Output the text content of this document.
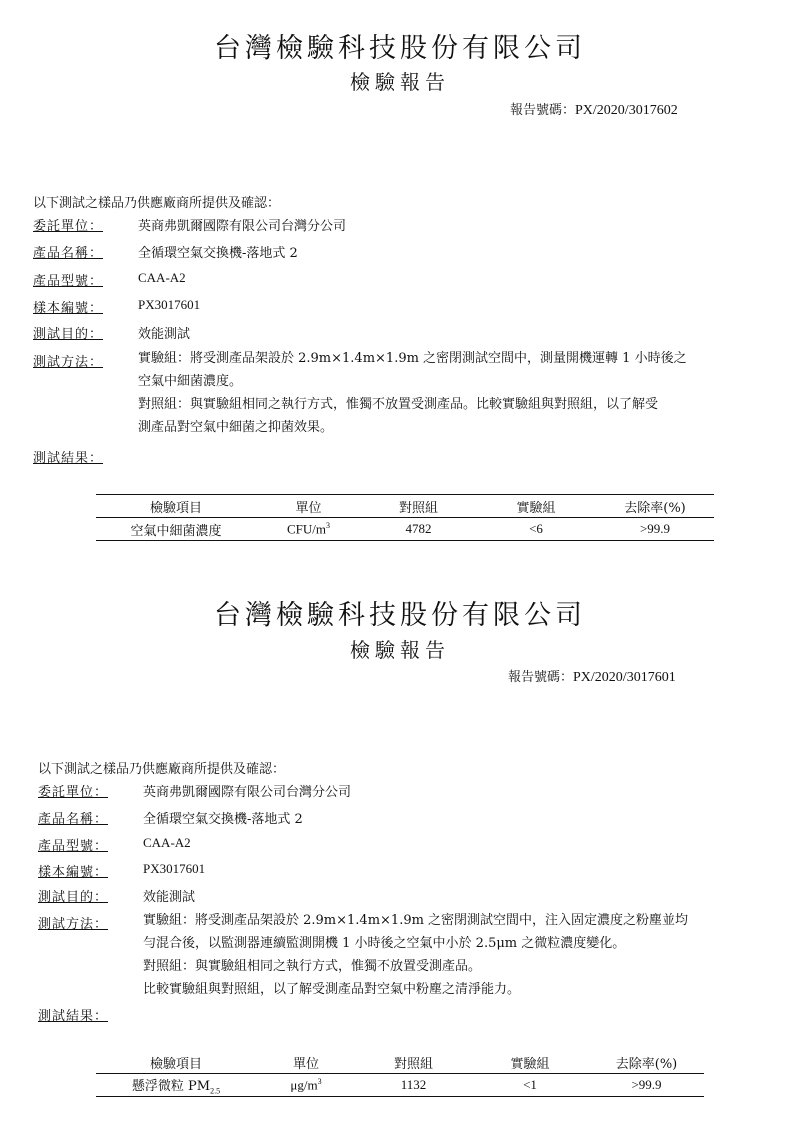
台灣檢驗科技股份有限公司
檢驗報告
報告號碼：PX/2020/3017602
以下測試之樣品乃供應廠商所提供及確認：
委託單位：	英商弗凱爾國際有限公司台灣分公司
產品名稱：	全循環空氣交換機-落地式 2
產品型號：	CAA-A2
樣本編號：	PX3017601
測試目的：	效能測試
測試方法：	實驗組：將受測產品架設於 2.9m×1.4m×1.9m 之密閉測試空間中，測量開機運轉 1 小時後之
空氣中細菌濃度。
對照組：與實驗組相同之執行方式，惟獨不放置受測產品。比較實驗組與對照組，以了解受
測產品對空氣中細菌之抑菌效果。
測試結果：
檢驗項目	單位	對照組	實驗組	去除率(%)
空氣中細菌濃度	CFU/$m^3$	4782	<6	>99.9
台灣檢驗科技股份有限公司
檢驗報告
報告號碼：PX/2020/3017601
以下測試之樣品乃供應廠商所提供及確認：
委託單位：	英商弗凱爾國際有限公司台灣分公司
產品名稱：	全循環空氣交換機-落地式 2
產品型號：	CAA-A2
樣本編號：	PX3017601
測試目的：	效能測試
測試方法：	實驗組：將受測產品架設於 2.9m×1.4m×1.9m 之密閉測試空間中，注入固定濃度之粉塵並均
勻混合後，以監測器連續監測開機 1 小時後之空氣中小於 2.5μm 之微粒濃度變化。
對照組：與實驗組相同之執行方式，惟獨不放置受測產品。
比較實驗組與對照組，以了解受測產品對空氣中粉塵之清淨能力。
測試結果：
檢驗項目	單位	對照組	實驗組	去除率(%)
懸浮微粒 $PM_{2.5}$	$\mu g/m^3$	1132	<1	>99.9
